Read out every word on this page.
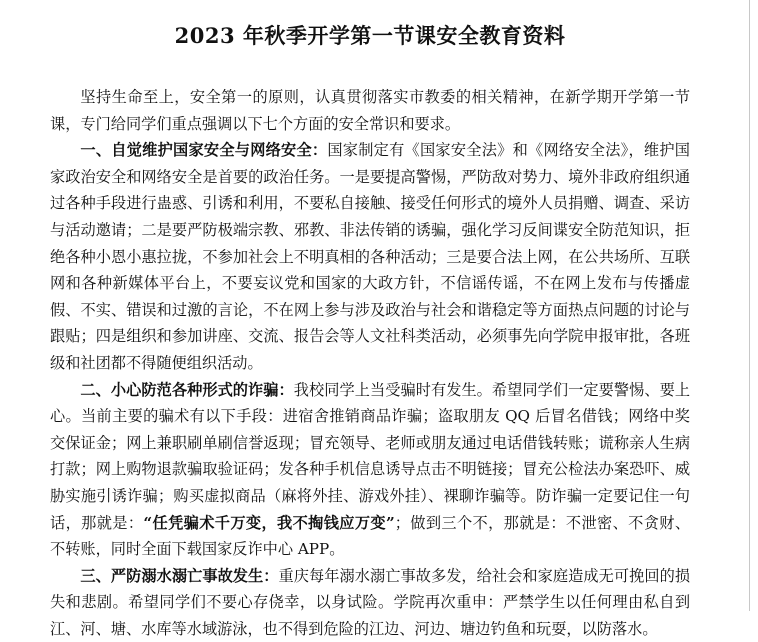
2023 年秋季开学第一节课安全教育资料

坚持生命至上，安全第一的原则，认真贯彻落实市教委的相关精神，在新学期开学第一节课，专门给同学们重点强调以下七个方面的安全常识和要求。

一、自觉维护国家安全与网络安全：国家制定有《国家安全法》和《网络安全法》，维护国家政治安全和网络安全是首要的政治任务。一是要提高警惕，严防敌对势力、境外非政府组织通过各种手段进行蛊惑、引诱和利用，不要私自接触、接受任何形式的境外人员捐赠、调查、采访与活动邀请；二是要严防极端宗教、邪教、非法传销的诱骗，强化学习反间谍安全防范知识，拒绝各种小恩小惠拉拢，不参加社会上不明真相的各种活动；三是要合法上网，在公共场所、互联网和各种新媒体平台上，不要妄议党和国家的大政方针，不信谣传谣，不在网上发布与传播虚假、不实、错误和过激的言论，不在网上参与涉及政治与社会和谐稳定等方面热点问题的讨论与跟贴；四是组织和参加讲座、交流、报告会等人文社科类活动，必须事先向学院申报审批，各班级和社团都不得随便组织活动。

二、小心防范各种形式的诈骗：我校同学上当受骗时有发生。希望同学们一定要警惕、要上心。当前主要的骗术有以下手段：进宿舍推销商品诈骗；盗取朋友 QQ 后冒名借钱；网络中奖交保证金；网上兼职刷单刷信誉返现；冒充领导、老师或朋友通过电话借钱转账；谎称亲人生病打款；网上购物退款骗取验证码；发各种手机信息诱导点击不明链接；冒充公检法办案恐吓、威胁实施引诱诈骗；购买虚拟商品（麻将外挂、游戏外挂）、裸聊诈骗等。防诈骗一定要记住一句话，那就是：“任凭骗术千万变，我不掏钱应万变”；做到三个不，那就是：不泄密、不贪财、不转账，同时全面下载国家反诈中心 APP。

三、严防溺水溺亡事故发生：重庆每年溺水溺亡事故多发，给社会和家庭造成无可挽回的损失和悲剧。希望同学们不要心存侥幸，以身试险。学院再次重申：严禁学生以任何理由私自到江、河、塘、水库等水域游泳，也不得到危险的江边、河边、塘边钓鱼和玩耍，以防落水。
